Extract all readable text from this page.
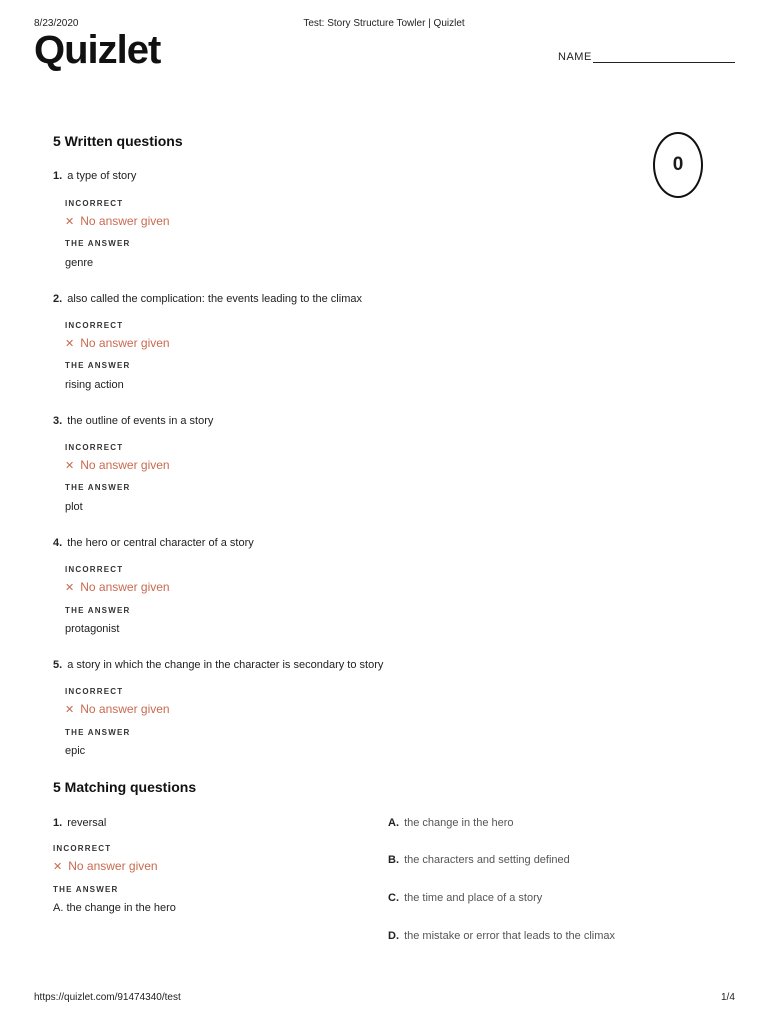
Test: Story Structure Towler | Quizlet
8/23/2020
Quizlet	NAME
0
5 Written questions
1. a type of story
INCORRECT
✕ No answer given
THE ANSWER
genre
2. also called the complication: the events leading to the climax
INCORRECT
✕ No answer given
THE ANSWER
rising action
3. the outline of events in a story
INCORRECT
✕ No answer given
THE ANSWER
plot
4. the hero or central character of a story
INCORRECT
✕ No answer given
THE ANSWER
protagonist
5. a story in which the change in the character is secondary to story
INCORRECT
✕ No answer given
THE ANSWER
epic
5 Matching questions
1. reversal
INCORRECT
✕ No answer given
THE ANSWER
A. the change in the hero
A. the change in the hero
B. the characters and setting defined
C. the time and place of a story
D. the mistake or error that leads to the climax
https://quizlet.com/91474340/test	1/4
